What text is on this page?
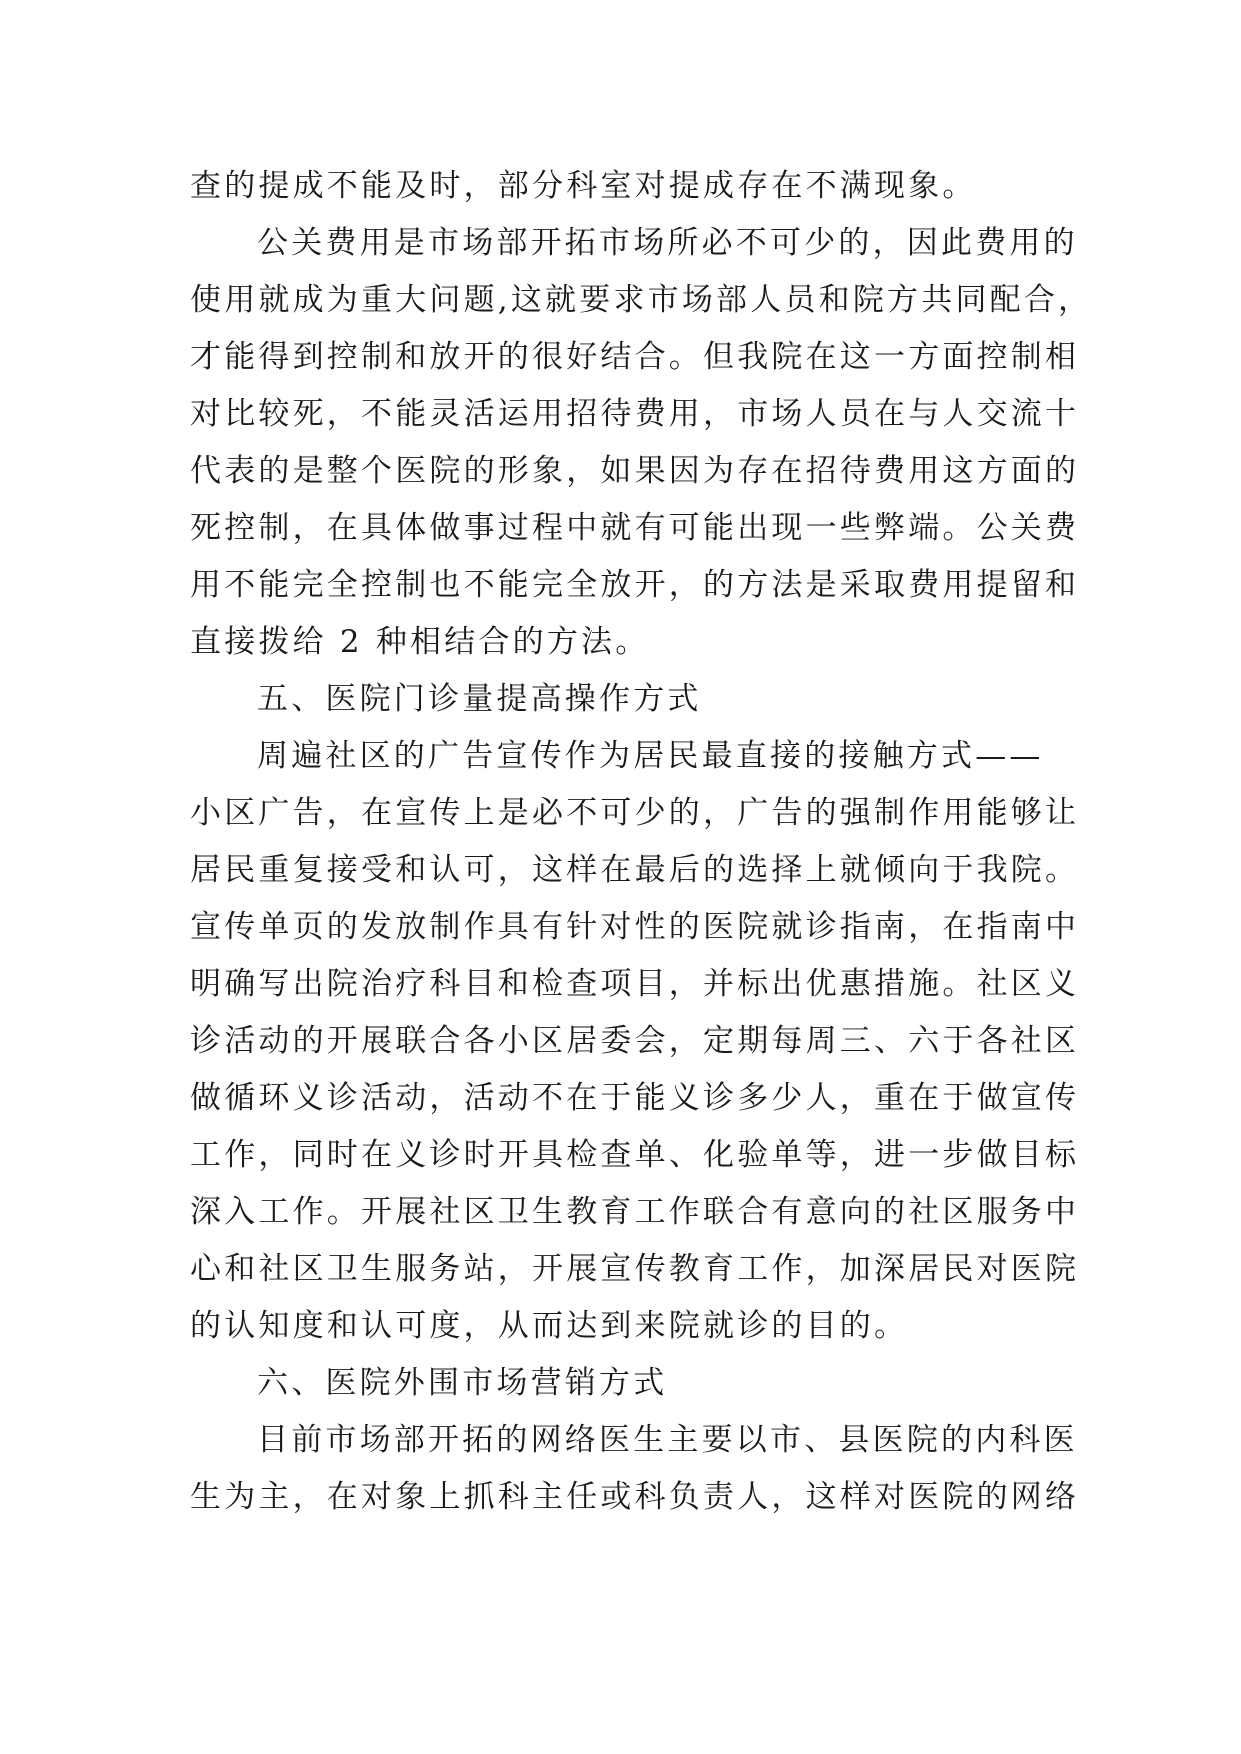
查的提成不能及时，部分科室对提成存在不满现象。
公关费用是市场部开拓市场所必不可少的，因此费用的
使用就成为重大问题,这就要求市场部人员和院方共同配合，
才能得到控制和放开的很好结合。但我院在这一方面控制相
对比较死，不能灵活运用招待费用，市场人员在与人交流十
代表的是整个医院的形象，如果因为存在招待费用这方面的
死控制，在具体做事过程中就有可能出现一些弊端。公关费
用不能完全控制也不能完全放开，的方法是采取费用提留和
直接拨给 2 种相结合的方法。
五、医院门诊量提高操作方式
周遍社区的广告宣传作为居民最直接的接触方式——
小区广告，在宣传上是必不可少的，广告的强制作用能够让
居民重复接受和认可，这样在最后的选择上就倾向于我院。
宣传单页的发放制作具有针对性的医院就诊指南，在指南中
明确写出院治疗科目和检查项目，并标出优惠措施。社区义
诊活动的开展联合各小区居委会，定期每周三、六于各社区
做循环义诊活动，活动不在于能义诊多少人，重在于做宣传
工作，同时在义诊时开具检查单、化验单等，进一步做目标
深入工作。开展社区卫生教育工作联合有意向的社区服务中
心和社区卫生服务站，开展宣传教育工作，加深居民对医院
的认知度和认可度，从而达到来院就诊的目的。
六、医院外围市场营销方式
目前市场部开拓的网络医生主要以市、县医院的内科医
生为主，在对象上抓科主任或科负责人，这样对医院的网络
